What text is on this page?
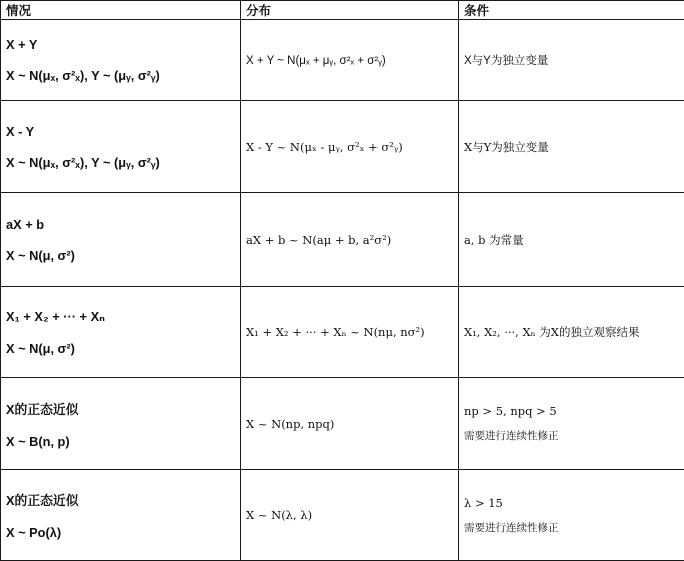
情况	分布	条件

X + Y
X ~ N(μₓ, σ²ₓ), Y ~ (μᵧ, σ²ᵧ)	X + Y ~ N(μₓ + μᵧ, σ²ₓ + σ²ᵧ)	X与Y为独立变量

X - Y
X ~ N(μₓ, σ²ₓ), Y ~ (μᵧ, σ²ᵧ)	X - Y ~ N(μₓ - μᵧ, σ²ₓ + σ²ᵧ)	X与Y为独立变量

aX + b
X ~ N(μ, σ²)	aX + b ~ N(aμ + b, a²σ²)	a, b 为常量

X₁ + X₂ + ··· + Xₙ
X ~ N(μ, σ²)	X₁ + X₂ + ··· + Xₙ ~ N(nμ, nσ²)	X₁, X₂, ···, Xₙ 为X的独立观察结果

X的正态近似
X ~ B(n, p)	X ~ N(np, npq)	np > 5, npq > 5
需要进行连续性修正

X的正态近似
X ~ Po(λ)	X ~ N(λ, λ)	λ > 15
需要进行连续性修正
